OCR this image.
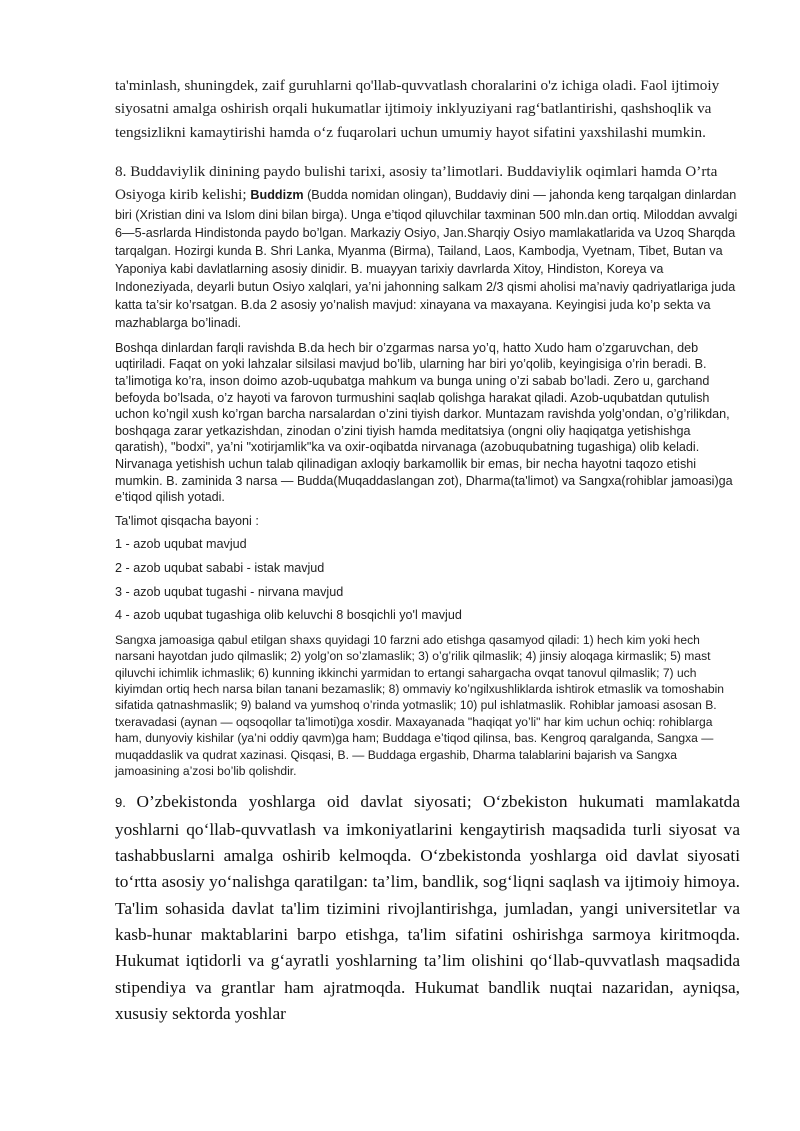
ta'minlash, shuningdek, zaif guruhlarni qo'llab-quvvatlash choralarini o'z ichiga oladi. Faol ijtimoiy siyosatni amalga oshirish orqali hukumatlar ijtimoiy inklyuziyani rag‘batlantirishi, qashshoqlik va tengsizlikni kamaytirishi hamda o‘z fuqarolari uchun umumiy hayot sifatini yaxshilashi mumkin.

8. Buddaviylik dinining paydo bulishi tarixi, asosiy ta’limotlari. Buddaviylik oqimlari hamda O’rta Osiyoga kirib kelishi; Buddizm (Budda nomidan olingan), Buddaviy dini — jahonda keng tarqalgan dinlardan biri (Xristian dini va Islom dini bilan birga). Unga e’tiqod qiluvchilar taxminan 500 mln.dan ortiq. Miloddan avvalgi 6—5-asrlarda Hindistonda paydo bo’lgan. Markaziy Osiyo, Jan.Sharqiy Osiyo mamlakatlarida va Uzoq Sharqda tarqalgan. Hozirgi kunda B. Shri Lanka, Myanma (Birma), Tailand, Laos, Kambodja, Vyetnam, Tibet, Butan va Yaponiya kabi davlatlarning asosiy dinidir. B. muayyan tarixiy davrlarda Xitoy, Hindiston, Koreya va Indoneziyada, deyarli butun Osiyo xalqlari, ya’ni jahonning salkam 2/3 qismi aholisi ma’naviy qadriyatlariga juda katta ta’sir ko’rsatgan. B.da 2 asosiy yo’nalish mavjud: xinayana va maxayana. Keyingisi juda ko’p sekta va mazhablarga bo’linadi.

Boshqa dinlardan farqli ravishda B.da hech bir o’zgarmas narsa yo’q, hatto Xudo ham o’zgaruvchan, deb uqtiriladi. Faqat on yoki lahzalar silsilasi mavjud bo’lib, ularning har biri yo’qolib, keyingisiga o’rin beradi. B. ta’limotiga ko’ra, inson doimo azob-uqubatga mahkum va bunga uning o’zi sabab bo’ladi. Zero u, garchand befoyda bo’lsada, o’z hayoti va farovon turmushini saqlab qolishga harakat qiladi. Azob-uqubatdan qutulish uchon ko’ngil xush ko’rgan barcha narsalardan o’zini tiyish darkor. Muntazam ravishda yolg’ondan, o’g’rilikdan, boshqaga zarar yetkazishdan, zinodan o’zini tiyish hamda meditatsiya (ongni oliy haqiqatga yetishishga qaratish), "bodxi", ya’ni "xotirjamlik"ka va oxir-oqibatda nirvanaga (azobuqubatning tugashiga) olib keladi. Nirvanaga yetishish uchun talab qilinadigan axloqiy barkamollik bir emas, bir necha hayotni taqozo etishi mumkin. B. zaminida 3 narsa — Budda(Muqaddaslangan zot), Dharma(ta'limot) va Sangxa(rohiblar jamoasi)ga e’tiqod qilish yotadi.

Ta'limot qisqacha bayoni :

1 - azob uqubat mavjud

2 - azob uqubat sababi - istak mavjud

3 - azob uqubat tugashi - nirvana mavjud

4 - azob uqubat tugashiga olib keluvchi 8 bosqichli yo'l mavjud

Sangxa jamoasiga qabul etilgan shaxs quyidagi 10 farzni ado etishga qasamyod qiladi: 1) hech kim yoki hech narsani hayotdan judo qilmaslik; 2) yolg’on so’zlamaslik; 3) o’g’rilik qilmaslik; 4) jinsiy aloqaga kirmaslik; 5) mast qiluvchi ichimlik ichmaslik; 6) kunning ikkinchi yarmidan to ertangi sahargacha ovqat tanovul qilmaslik; 7) uch kiyimdan ortiq hech narsa bilan tanani bezamaslik; 8) ommaviy ko’ngilxushliklarda ishtirok etmaslik va tomoshabin sifatida qatnashmaslik; 9) baland va yumshoq o’rinda yotmaslik; 10) pul ishlatmaslik. Rohiblar jamoasi asosan B. txeravadasi (aynan — oqsoqollar ta’limoti)ga xosdir. Maxayanada "haqiqat yo’li" har kim uchun ochiq: rohiblarga ham, dunyoviy kishilar (ya’ni oddiy qavm)ga ham; Buddaga e’tiqod qilinsa, bas. Kengroq qaralganda, Sangxa — muqaddaslik va qudrat xazinasi. Qisqasi, B. — Buddaga ergashib, Dharma talablarini bajarish va Sangxa jamoasining a’zosi bo’lib qolishdir.

9. O’zbekistonda yoshlarga oid davlat siyosati; O‘zbekiston hukumati mamlakatda yoshlarni qo‘llab-quvvatlash va imkoniyatlarini kengaytirish maqsadida turli siyosat va tashabbuslarni amalga oshirib kelmoqda. O‘zbekistonda yoshlarga oid davlat siyosati to‘rtta asosiy yo‘nalishga qaratilgan: ta’lim, bandlik, sog‘liqni saqlash va ijtimoiy himoya. Ta'lim sohasida davlat ta'lim tizimini rivojlantirishga, jumladan, yangi universitetlar va kasb-hunar maktablarini barpo etishga, ta'lim sifatini oshirishga sarmoya kiritmoqda. Hukumat iqtidorli va g‘ayratli yoshlarning ta’lim olishini qo‘llab-quvvatlash maqsadida stipendiya va grantlar ham ajratmoqda. Hukumat bandlik nuqtai nazaridan, ayniqsa, xususiy sektorda yoshlar
